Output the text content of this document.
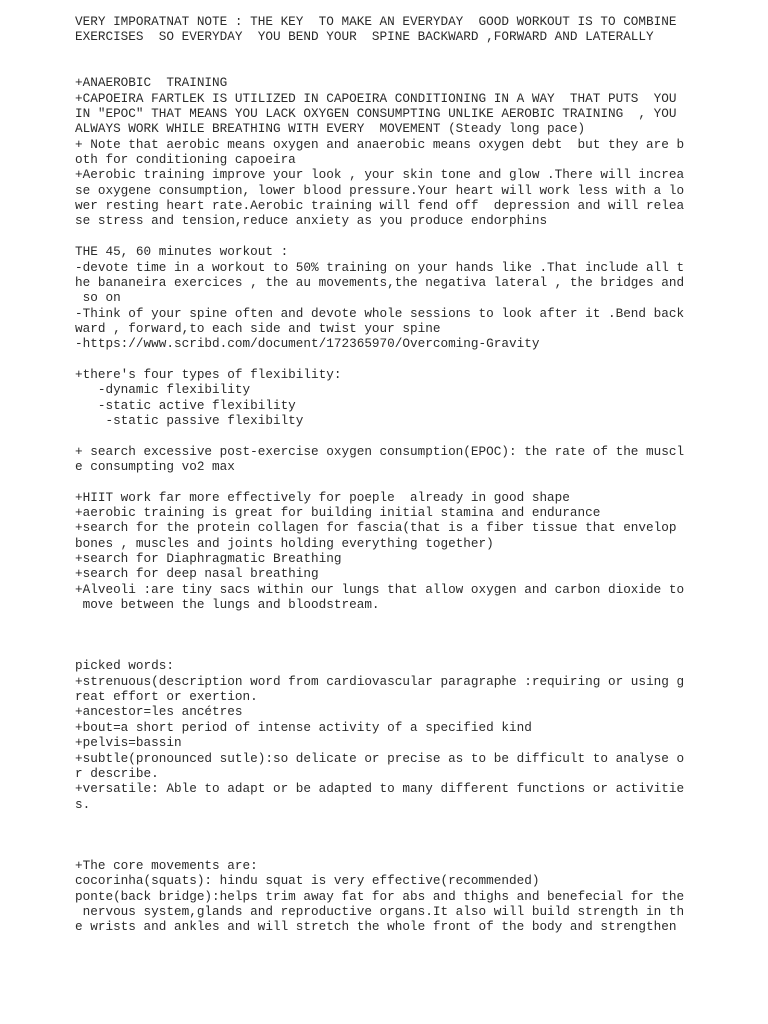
VERY IMPORATNAT NOTE : THE KEY  TO MAKE AN EVERYDAY  GOOD WORKOUT IS TO COMBINE
EXERCISES  SO EVERYDAY  YOU BEND YOUR  SPINE BACKWARD ,FORWARD AND LATERALLY
+ANAEROBIC  TRAINING
+CAPOEIRA FARTLEK IS UTILIZED IN CAPOEIRA CONDITIONING IN A WAY  THAT PUTS  YOU
IN "EPOC" THAT MEANS YOU LACK OXYGEN CONSUMPTING UNLIKE AEROBIC TRAINING  , YOU
ALWAYS WORK WHILE BREATHING WITH EVERY  MOVEMENT (Steady long pace)
+ Note that aerobic means oxygen and anaerobic means oxygen debt  but they are b
oth for conditioning capoeira
+Aerobic training improve your look , your skin tone and glow .There will increa
se oxygene consumption, lower blood pressure.Your heart will work less with a lo
wer resting heart rate.Aerobic training will fend off  depression and will relea
se stress and tension,reduce anxiety as you produce endorphins
THE 45, 60 minutes workout :
-devote time in a workout to 50% training on your hands like .That include all t
he bananeira exercices , the au movements,the negativa lateral , the bridges and
so on
-Think of your spine often and devote whole sessions to look after it .Bend back
ward , forward,to each side and twist your spine
-https://www.scribd.com/document/172365970/Overcoming-Gravity
+there's four types of flexibility:
-dynamic flexibility
-static active flexibility
-static passive flexibilty
+ search excessive post-exercise oxygen consumption(EPOC): the rate of the muscl
e consumpting vo2 max
+HIIT work far more effectively for poeple  already in good shape
+aerobic training is great for building initial stamina and endurance
+search for the protein collagen for fascia(that is a fiber tissue that envelop
bones , muscles and joints holding everything together)
+search for Diaphragmatic Breathing
+search for deep nasal breathing
+Alveoli :are tiny sacs within our lungs that allow oxygen and carbon dioxide to
move between the lungs and bloodstream.
picked words:
+strenuous(description word from cardiovascular paragraphe :requiring or using g
reat effort or exertion.
+ancestor=les ancétres
+bout=a short period of intense activity of a specified kind
+pelvis=bassin
+subtle(pronounced sutle):so delicate or precise as to be difficult to analyse o
r describe.
+versatile: Able to adapt or be adapted to many different functions or activitie
s.
+The core movements are:
cocorinha(squats): hindu squat is very effective(recommended)
ponte(back bridge):helps trim away fat for abs and thighs and benefecial for the
nervous system,glands and reproductive organs.It also will build strength in th
e wrists and ankles and will stretch the whole front of the body and strengthen
